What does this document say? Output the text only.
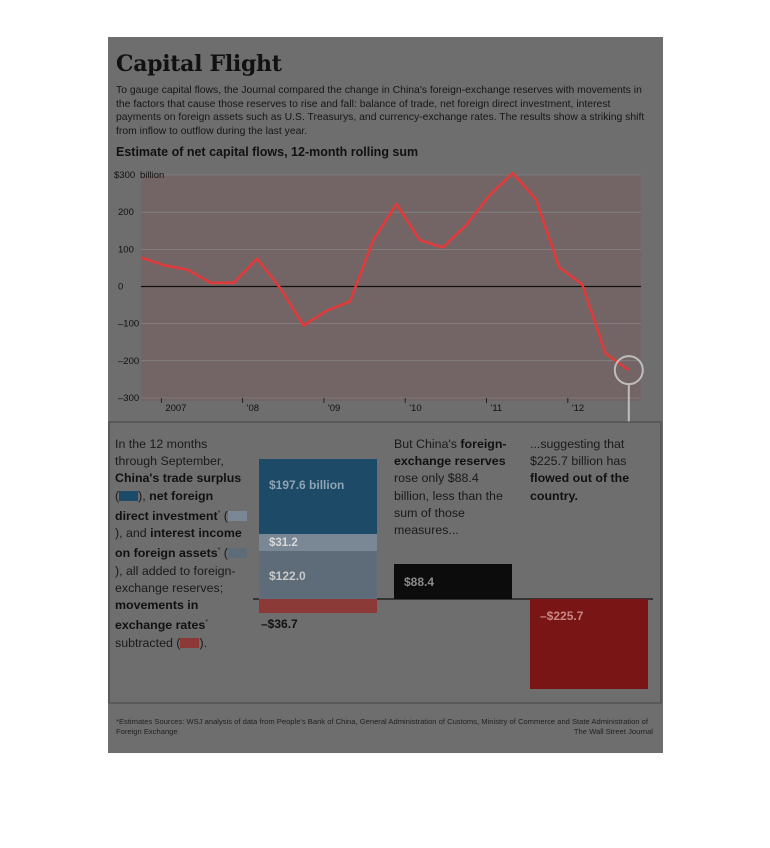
Capital Flight
To gauge capital flows, the Journal compared the change in China's foreign-exchange reserves with movements in the factors that cause those reserves to rise and fall: balance of trade, net foreign direct investment, interest payments on foreign assets such as U.S. Treasurys, and currency-exchange rates. The results show a striking shift from inflow to outflow during the last year.
Estimate of net capital flows, 12-month rolling sum
–300
–200
–100
0
100
200
$300 billion
2007	'08	'09	'10	'11	'12
In the 12 months through September, China's trade surplus ( ), net foreign direct investment* (), and interest income on foreign assets* (), all added to foreign-exchange reserves; movements in exchange rates* subtracted ( ).
But China's foreign-exchange reserves rose only $88.4 billion, less than the sum of those measures...
...suggesting that $225.7 billion has flowed out of the country.
$197.6 billion
$31.2
$122.0
–$36.7
$88.4
–$225.7
*Estimates Sources: WSJ analysis of data from People's Bank of China, General Administration of Customs, Ministry of Commerce and State Administration of Foreign Exchange	The Wall Street Journal
